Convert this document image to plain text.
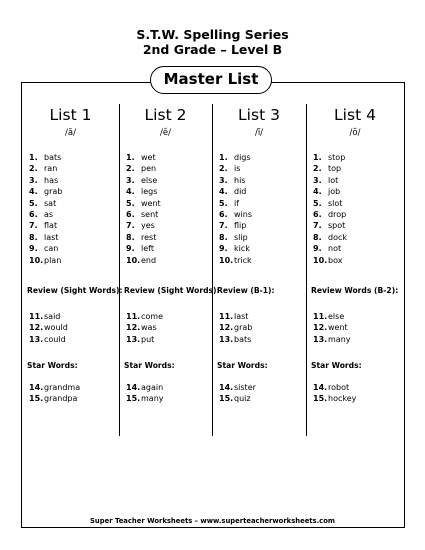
S.T.W. Spelling Series
2nd Grade – Level B
Master List
List 1
/ă/
1. bats
2. ran
3. has
4. grab
5. sat
6. as
7. flat
8. last
9. can
10.plan
Review (Sight Words):
11.said
12.would
13.could
Star Words:
14.grandma
15.grandpa
List 2
/ĕ/
1. wet
2. pen
3. else
4. legs
5. went
6. sent
7. yes
8. rest
9. left
10.end
Review (Sight Words):
11.come
12.was
13.put
Star Words:
14.again
15.many
List 3
/ĭ/
1. digs
2. is
3. his
4. did
5. if
6. wins
7. flip
8. slip
9. kick
10.trick
Review (B-1):
11.last
12.grab
13.bats
Star Words:
14.sister
15.quiz
List 4
/ŏ/
1. stop
2. top
3. lot
4. job
5. slot
6. drop
7. spot
8. dock
9. not
10.box
Review Words (B-2):
11.else
12.went
13.many
Star Words:
14.robot
15.hockey
Super Teacher Worksheets – www.superteacherworksheets.com
